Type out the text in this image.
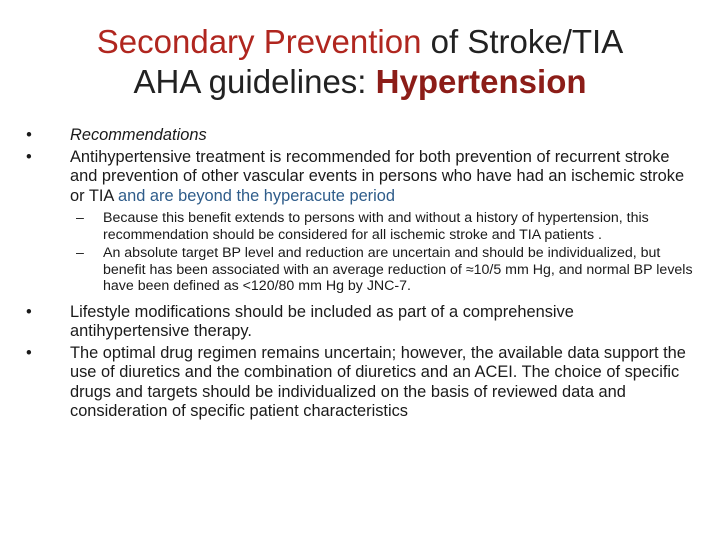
Secondary Prevention of Stroke/TIA
AHA guidelines: Hypertension
•	Recommendations
•	Antihypertensive treatment is recommended for both prevention of recurrent stroke and prevention of other vascular events in persons who have had an ischemic stroke or TIA and are beyond the hyperacute period
– Because this benefit extends to persons with and without a history of hypertension, this recommendation should be considered for all ischemic stroke and TIA patients .
– An absolute target BP level and reduction are uncertain and should be individualized, but benefit has been associated with an average reduction of ≈10/5 mm Hg, and normal BP levels have been defined as <120/80 mm Hg by JNC-7.
•	Lifestyle modifications should be included as part of a comprehensive antihypertensive therapy.
•	The optimal drug regimen remains uncertain; however, the available data support the use of diuretics and the combination of diuretics and an ACEI. The choice of specific drugs and targets should be individualized on the basis of reviewed data and consideration of specific patient characteristics
